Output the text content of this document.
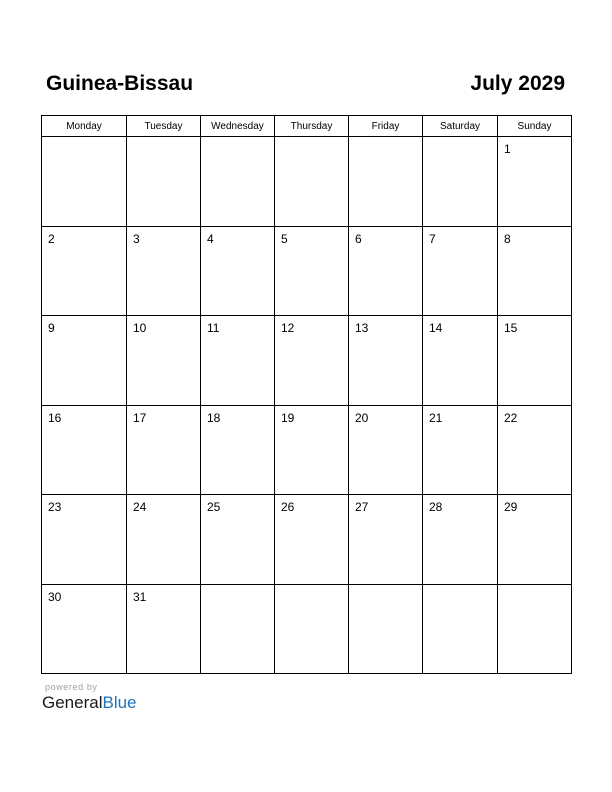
Guinea-Bissau	July 2029
Monday	Tuesday	Wednesday	Thursday	Friday	Saturday	Sunday

						1

2	3	4	5	6	7	8

9	10	11	12	13	14	15

16	17	18	19	20	21	22

23	24	25	26	27	28	29

30	31					

powered by
GeneralBlue
